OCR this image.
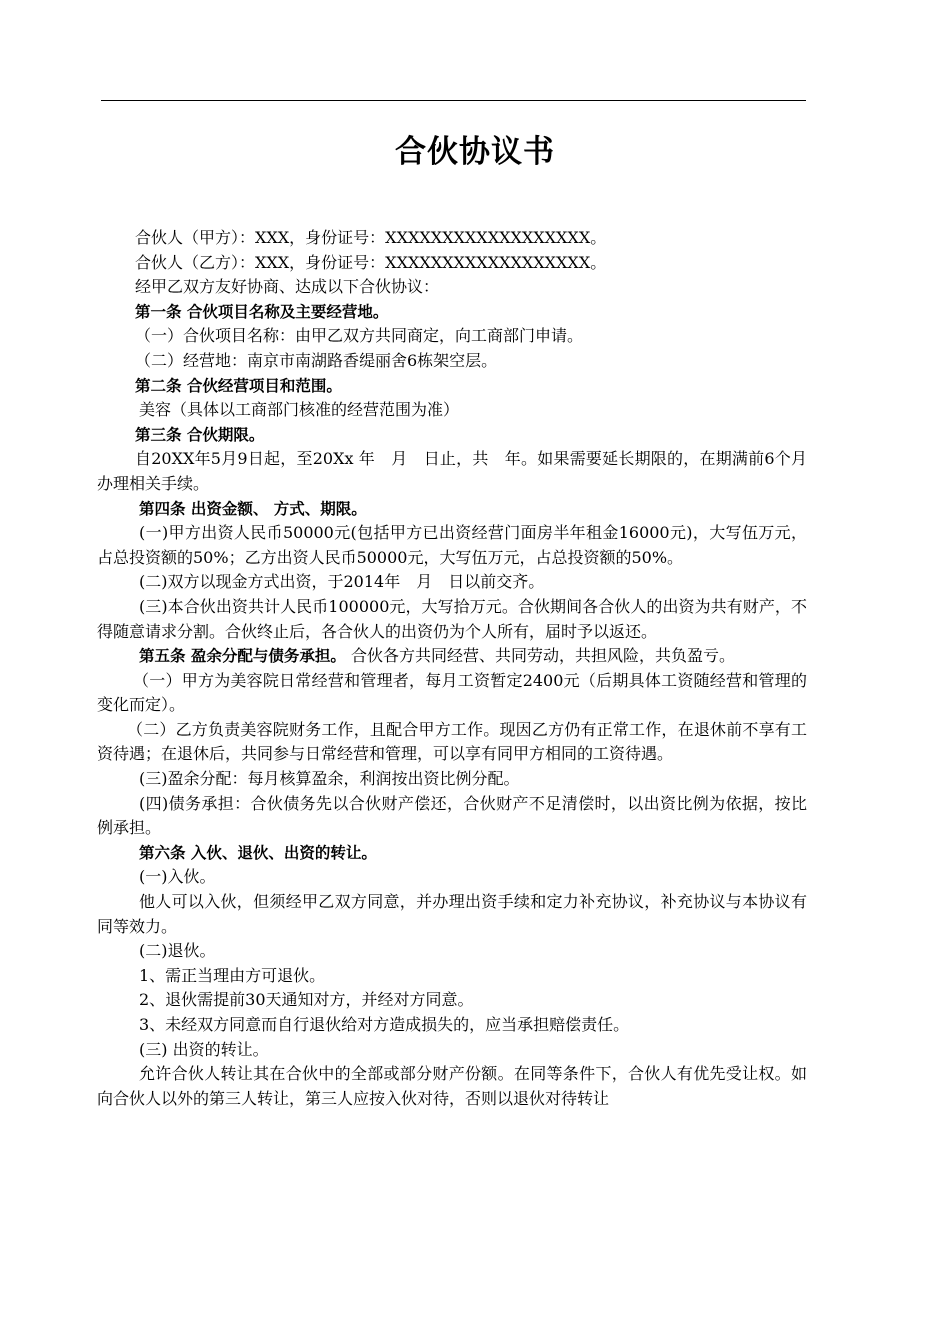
合伙协议书

合伙人（甲方）：XXX，身份证号：XXXXXXXXXXXXXXXXXX。

合伙人（乙方）：XXX，身份证号：XXXXXXXXXXXXXXXXXX。

经甲乙双方友好协商、达成以下合伙协议：

第一条 合伙项目名称及主要经营地。

（一）合伙项目名称：由甲乙双方共同商定，向工商部门申请。

（二）经营地：南京市南湖路香缇丽舍6栋架空层。

第二条 合伙经营项目和范围。

美容（具体以工商部门核准的经营范围为准）

第三条 合伙期限。

自20XX年5月9日起，至20Xx 年　月　日止，共　年。如果需要延长期限的，在期满前6个月办理相关手续。

第四条 出资金额、 方式、期限。

(一)甲方出资人民币50000元(包括甲方已出资经营门面房半年租金16000元)，大写伍万元，占总投资额的50%；乙方出资人民币50000元，大写伍万元，占总投资额的50%。

(二)双方以现金方式出资，于2014年　月　日以前交齐。

(三)本合伙出资共计人民币100000元，大写拾万元。合伙期间各合伙人的出资为共有财产，不得随意请求分割。合伙终止后，各合伙人的出资仍为个人所有，届时予以返还。

第五条 盈余分配与债务承担。 合伙各方共同经营、共同劳动，共担风险，共负盈亏。

（一）甲方为美容院日常经营和管理者，每月工资暂定2400元（后期具体工资随经营和管理的变化而定）。

（二）乙方负责美容院财务工作，且配合甲方工作。现因乙方仍有正常工作，在退休前不享有工资待遇；在退休后，共同参与日常经营和管理，可以享有同甲方相同的工资待遇。

(三)盈余分配：每月核算盈余，利润按出资比例分配。

(四)债务承担：合伙债务先以合伙财产偿还，合伙财产不足清偿时，以出资比例为依据，按比例承担。

第六条 入伙、退伙、出资的转让。

(一)入伙。

他人可以入伙，但须经甲乙双方同意，并办理出资手续和定力补充协议，补充协议与本协议有同等效力。

(二)退伙。

1、需正当理由方可退伙。

2、退伙需提前30天通知对方，并经对方同意。

3、未经双方同意而自行退伙给对方造成损失的，应当承担赔偿责任。

(三) 出资的转让。

允许合伙人转让其在合伙中的全部或部分财产份额。在同等条件下，合伙人有优先受让权。如向合伙人以外的第三人转让，第三人应按入伙对待，否则以退伙对待转让
